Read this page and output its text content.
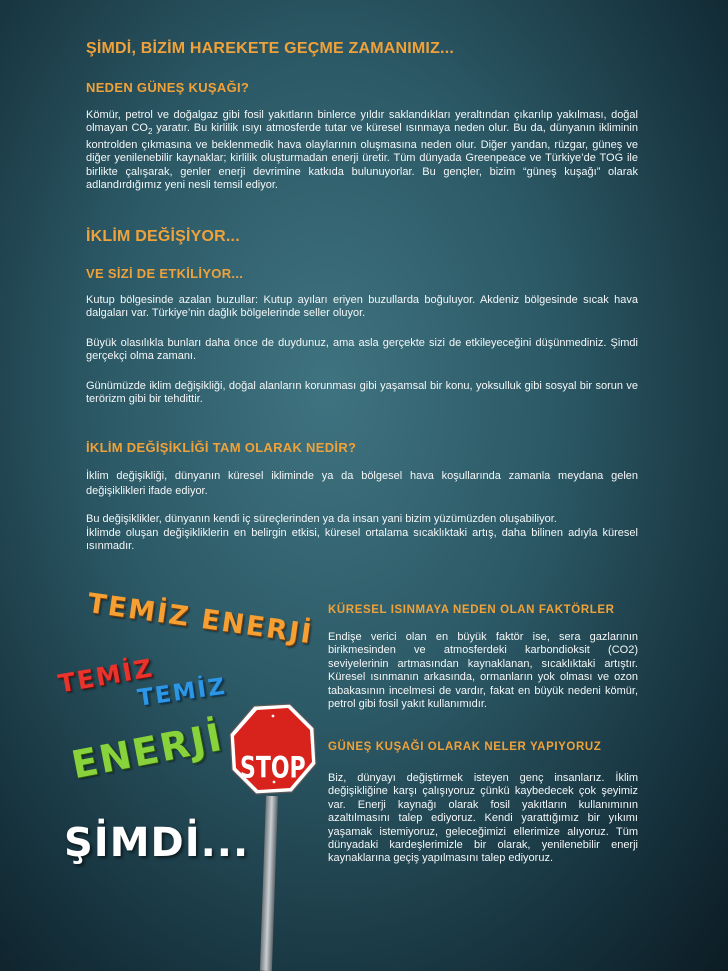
ŞİMDİ, BİZİM HAREKETE GEÇME ZAMANIMIZ...
NEDEN GÜNEŞ KUŞAĞI?

Kömür, petrol ve doğalgaz gibi fosil yakıtların binlerce yıldır saklandıkları yeraltından çıkarılıp yakılması, doğal olmayan $CO_2$ yaratır. Bu kirlilik ısıyı atmosferde tutar ve küresel ısınmaya neden olur. Bu da, dünyanın ikliminin kontrolden çıkmasına ve beklenmedik hava olaylarının oluşmasına neden olur. Diğer yandan, rüzgar, güneş ve diğer yenilenebilir kaynaklar; kirlilik oluşturmadan enerji üretir. Tüm dünyada Greenpeace ve Türkiye’de TOG ile birlikte çalışarak, genler enerji devrimine katkıda bulunuyorlar. Bu gençler, bizim “güneş kuşağı” olarak adlandırdığımız yeni nesli temsil ediyor.

İKLİM DEĞİŞİYOR...
VE SİZİ DE ETKİLİYOR...

Kutup bölgesinde azalan buzullar: Kutup ayıları eriyen buzullarda boğuluyor. Akdeniz bölgesinde sıcak hava dalgaları var. Türkiye’nin dağlık bölgelerinde seller oluyor.

Büyük olasılıkla bunları daha önce de duydunuz, ama asla gerçekte sizi de etkileyeceğini düşünmediniz. Şimdi gerçekçi olma zamanı.

Günümüzde iklim değişikliği, doğal alanların korunması gibi yaşamsal bir konu, yoksulluk gibi sosyal bir sorun ve terörizm gibi bir tehdittir.

İKLİM DEĞİŞİKLİĞİ TAM OLARAK NEDİR?

İklim değişikliği, dünyanın küresel ikliminde ya da bölgesel hava koşullarında zamanla meydana gelen değişiklikleri ifade ediyor.

Bu değişiklikler, dünyanın kendi iç süreçlerinden ya da insan yani bizim yüzümüzden oluşabiliyor.

İklimde oluşan değişikliklerin en belirgin etkisi, küresel ortalama sıcaklıktaki artış, daha bilinen adıyla küresel ısınmadır.

KÜRESEL ISINMAYA NEDEN OLAN FAKTÖRLER

Endişe verici olan en büyük faktör ise, sera gazlarının birikmesinden ve atmosferdeki karbondioksit (CO2) seviyelerinin artmasından kaynaklanan, sıcaklıktaki artıştır. Küresel ısınmanın arkasında, ormanların yok olması ve ozon tabakasının incelmesi de vardır, fakat en büyük nedeni kömür, petrol gibi fosil yakıt kullanımıdır.

GÜNEŞ KUŞAĞI OLARAK NELER YAPIYORUZ

Biz, dünyayı değiştirmek isteyen genç insanlarız. İklim değişikliğine karşı çalışıyoruz çünkü kaybedecek çok şeyimiz var. Enerji kaynağı olarak fosil yakıtların kullanımının azaltılmasını talep ediyoruz. Kendi yarattığımız bir yıkımı yaşamak istemiyoruz, geleceğimizi ellerimize alıyoruz. Tüm dünyadaki kardeşlerimizle bir olarak, yenilenebilir enerji kaynaklarına geçiş yapılmasını talep ediyoruz.

TEMİZ ENERJİ
TEMİZ
TEMİZ
ENERJİ
ŞİMDİ...
STOP
